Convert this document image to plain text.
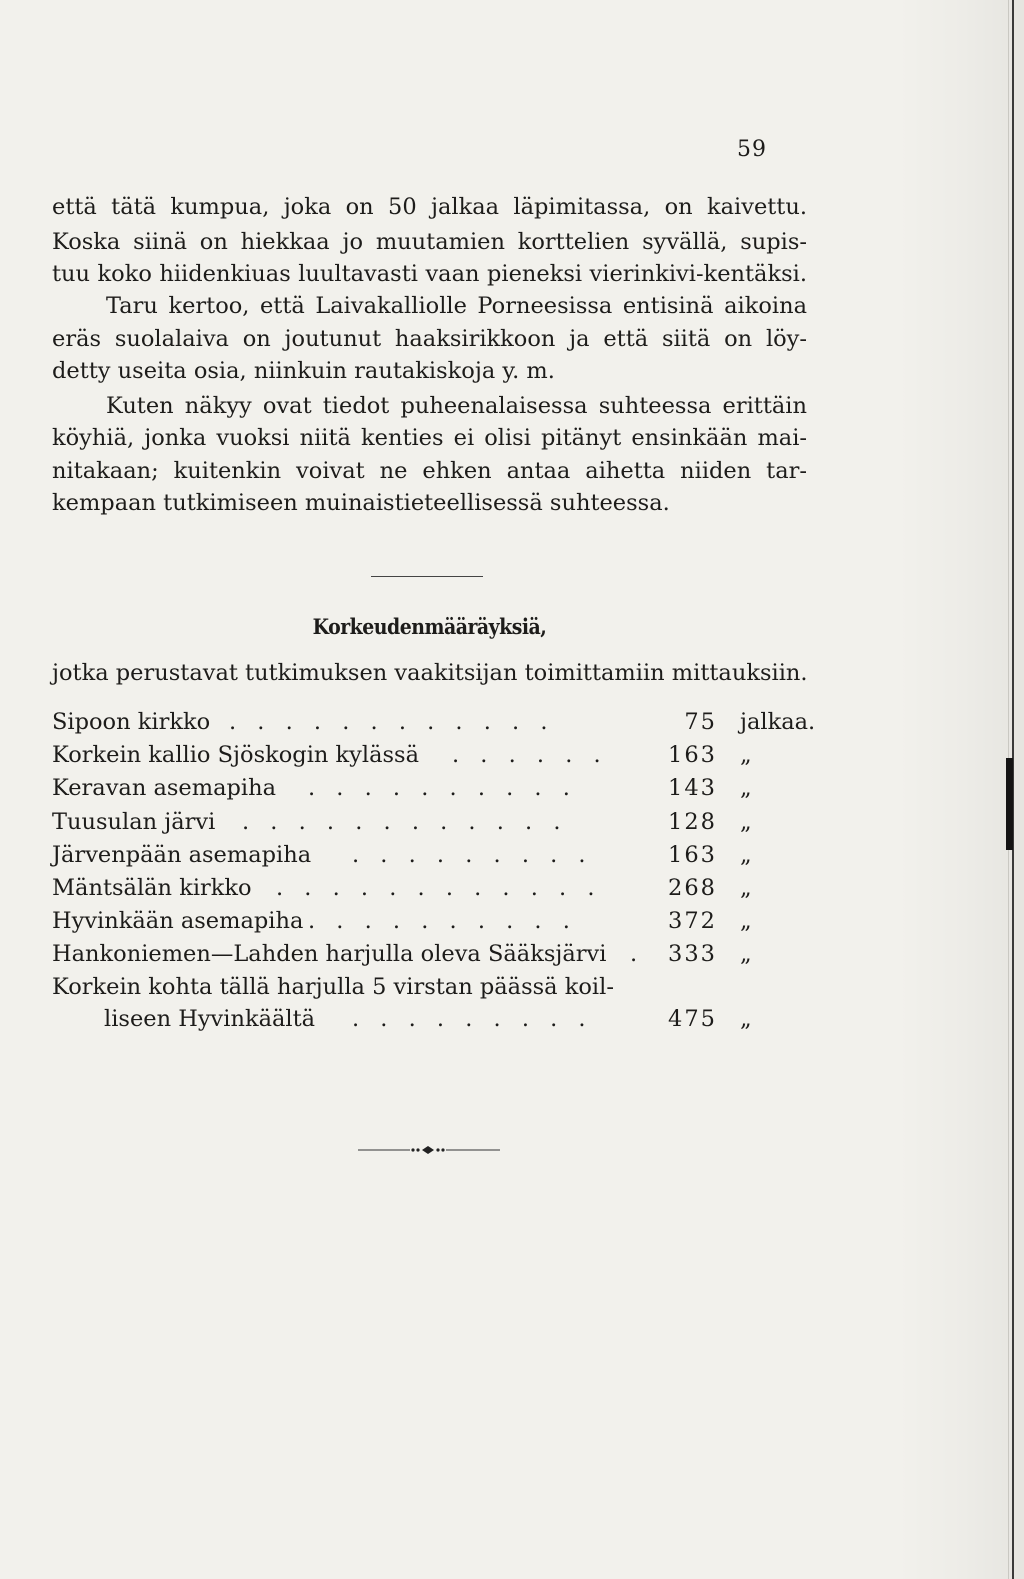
59
että tätä kumpua, joka on 50 jalkaa läpimitassa, on kaivettu.
Koska siinä on hiekkaa jo muutamien korttelien syvällä, supis-
tuu koko hiidenkiuas luultavasti vaan pieneksi vierinkivi-kentäksi.
Taru kertoo, että Laivakalliolle Porneesissa entisinä aikoina
eräs suolalaiva on joutunut haaksirikkoon ja että siitä on löy-
detty useita osia, niinkuin rautakiskoja y. m.
Kuten näkyy ovat tiedot puheenalaisessa suhteessa erittäin
köyhiä, jonka vuoksi niitä kenties ei olisi pitänyt ensinkään mai-
nitakaan; kuitenkin voivat ne ehken antaa aihetta niiden tar-
kempaan tutkimiseen muinaistieteellisessä suhteessa.
Korkeudenmääräyksiä,
jotka perustavat tutkimuksen vaakitsijan toimittamiin mittauksiin.
Sipoon kirkko . . . . . . . . . . . .	75 jalkaa.
Korkein kallio Sjöskogin kylässä . . . . . .	163 „
Keravan asemapiha . . . . . . . . . .	143 „
Tuusulan järvi . . . . . . . . . . . .	128 „
Järvenpään asemapiha . . . . . . . . .	163 „
Mäntsälän kirkko . . . . . . . . . . . .	268 „
Hyvinkään asemapiha . . . . . . . . . .	372 „
Hankoniemen—Lahden harjulla oleva Sääksjärvi . 333 „
Korkein kohta tällä harjulla 5 virstan päässä koil-
liseen Hyvinkäältä . . . . . . . . .	475 „
